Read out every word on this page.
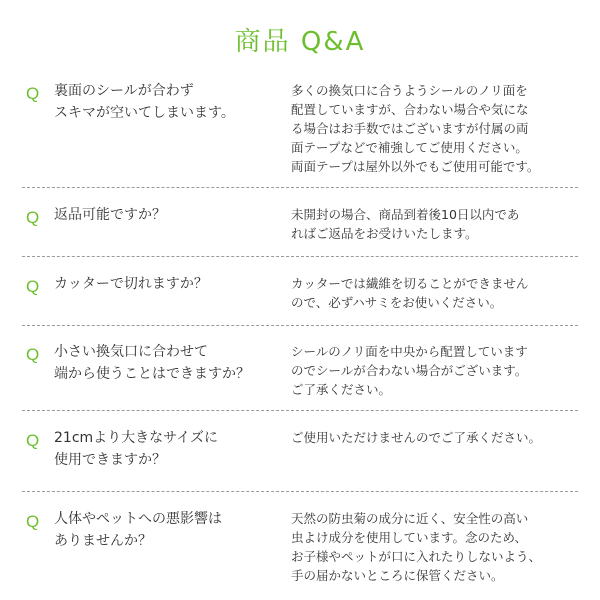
商品 Q&A
Q 裏面のシールが合わず
スキマが空いてしまいます。
多くの換気口に合うようシールのノリ面を
配置していますが、合わない場合や気にな
る場合はお手数ではございますが付属の両
面テープなどで補強してご使用ください。
両面テープは屋外以外でもご使用可能です。
Q 返品可能ですか？	未開封の場合、商品到着後10日以内であ
ればご返品をお受けいたします。
Q カッターで切れますか？	カッターでは繊維を切ることができません
ので、必ずハサミをお使いください。
Q 小さい換気口に合わせて
端から使うことはできますか？
シールのノリ面を中央から配置しています
のでシールが合わない場合がございます。
ご了承ください。
Q 21cmより大きなサイズに
使用できますか？
ご使用いただけませんのでご了承ください。
Q 人体やペットへの悪影響は
ありませんか？
天然の防虫菊の成分に近く、安全性の高い
虫よけ成分を使用しています。念のため、
お子様やペットが口に入れたりしないよう、
手の届かないところに保管ください。
